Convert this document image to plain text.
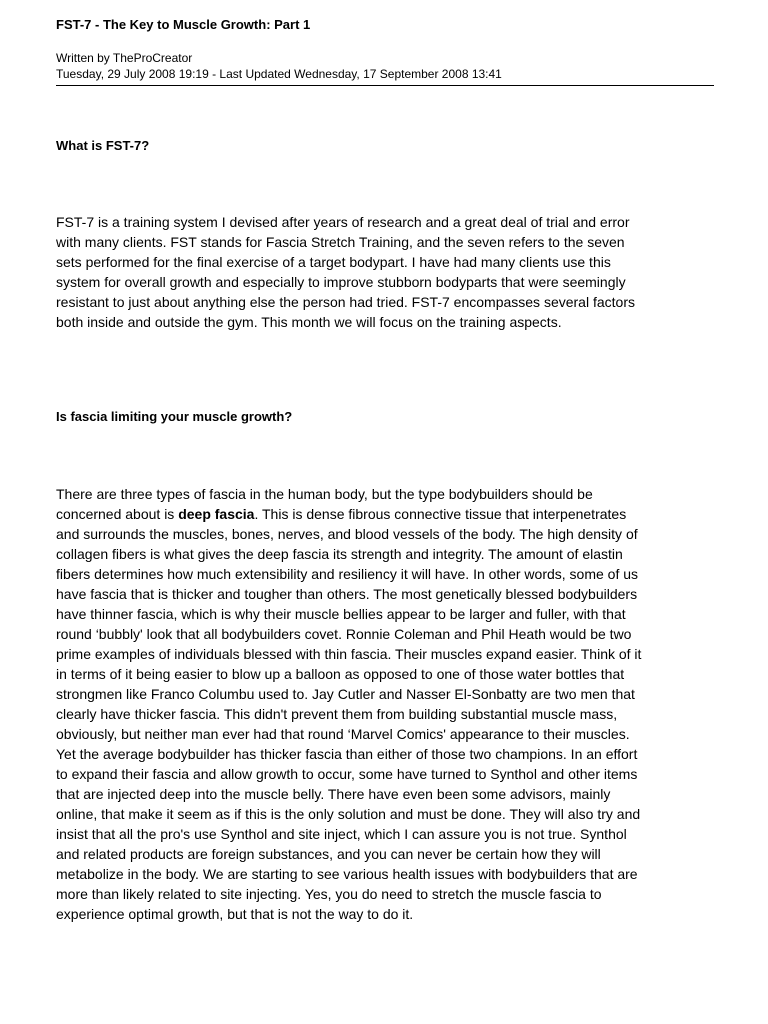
FST-7 - The Key to Muscle Growth: Part 1
Written by TheProCreator
Tuesday, 29 July 2008 19:19 - Last Updated Wednesday, 17 September 2008 13:41
What is FST-7?
FST-7 is a training system I devised after years of research and a great deal of trial and error
with many clients. FST stands for Fascia Stretch Training, and the seven refers to the seven
sets performed for the final exercise of a target bodypart. I have had many clients use this
system for overall growth and especially to improve stubborn bodyparts that were seemingly
resistant to just about anything else the person had tried. FST-7 encompasses several factors
both inside and outside the gym. This month we will focus on the training aspects.
Is fascia limiting your muscle growth?
There are three types of fascia in the human body, but the type bodybuilders should be
concerned about is deep fascia. This is dense fibrous connective tissue that interpenetrates
and surrounds the muscles, bones, nerves, and blood vessels of the body. The high density of
collagen fibers is what gives the deep fascia its strength and integrity. The amount of elastin
fibers determines how much extensibility and resiliency it will have. In other words, some of us
have fascia that is thicker and tougher than others. The most genetically blessed bodybuilders
have thinner fascia, which is why their muscle bellies appear to be larger and fuller, with that
round ‘bubbly' look that all bodybuilders covet. Ronnie Coleman and Phil Heath would be two
prime examples of individuals blessed with thin fascia. Their muscles expand easier. Think of it
in terms of it being easier to blow up a balloon as opposed to one of those water bottles that
strongmen like Franco Columbu used to. Jay Cutler and Nasser El-Sonbatty are two men that
clearly have thicker fascia. This didn't prevent them from building substantial muscle mass,
obviously, but neither man ever had that round ‘Marvel Comics' appearance to their muscles.
Yet the average bodybuilder has thicker fascia than either of those two champions. In an effort
to expand their fascia and allow growth to occur, some have turned to Synthol and other items
that are injected deep into the muscle belly. There have even been some advisors, mainly
online, that make it seem as if this is the only solution and must be done. They will also try and
insist that all the pro's use Synthol and site inject, which I can assure you is not true. Synthol
and related products are foreign substances, and you can never be certain how they will
metabolize in the body. We are starting to see various health issues with bodybuilders that are
more than likely related to site injecting. Yes, you do need to stretch the muscle fascia to
experience optimal growth, but that is not the way to do it.
